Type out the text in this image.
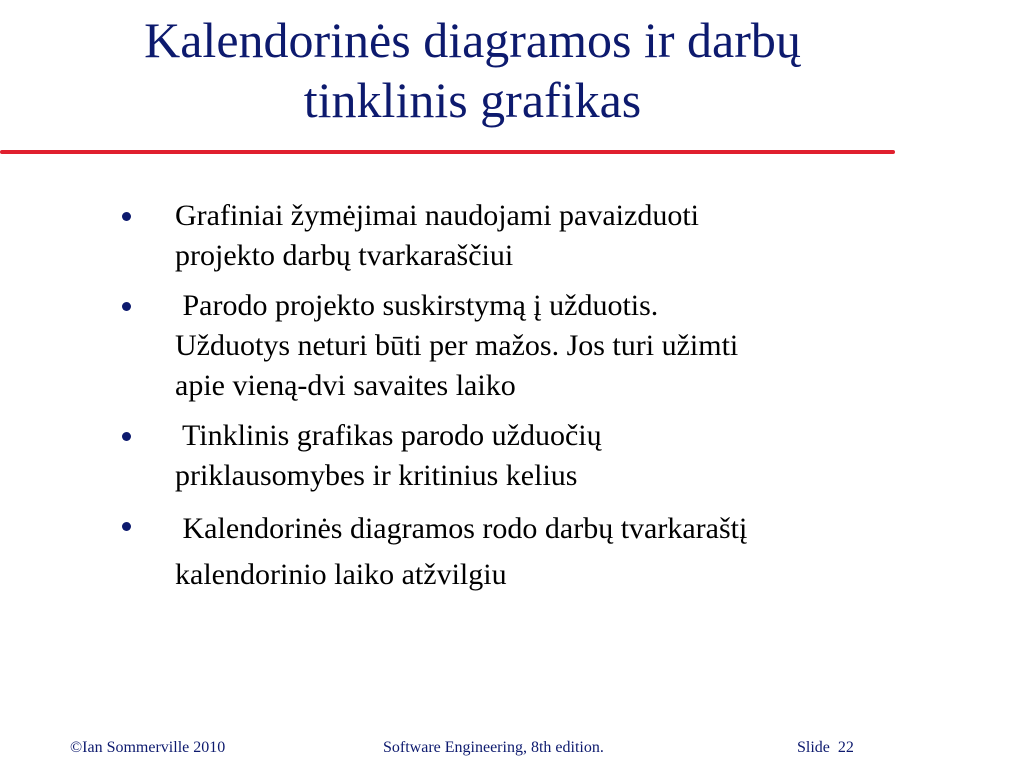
Kalendorinės diagramos ir darbų
tinklinis grafikas
Grafiniai žymėjimai naudojami pavaizduoti
projekto darbų tvarkaraščiui
Parodo projekto suskirstymą į užduotis.
Užduotys neturi būti per mažos. Jos turi užimti
apie vieną-dvi savaites laiko
Tinklinis grafikas parodo užduočių
priklausomybes ir kritinius kelius
Kalendorinės diagramos rodo darbų tvarkaraštį
kalendorinio laiko atžvilgiu
©Ian Sommerville 2010	Software Engineering, 8th edition.	Slide  22
